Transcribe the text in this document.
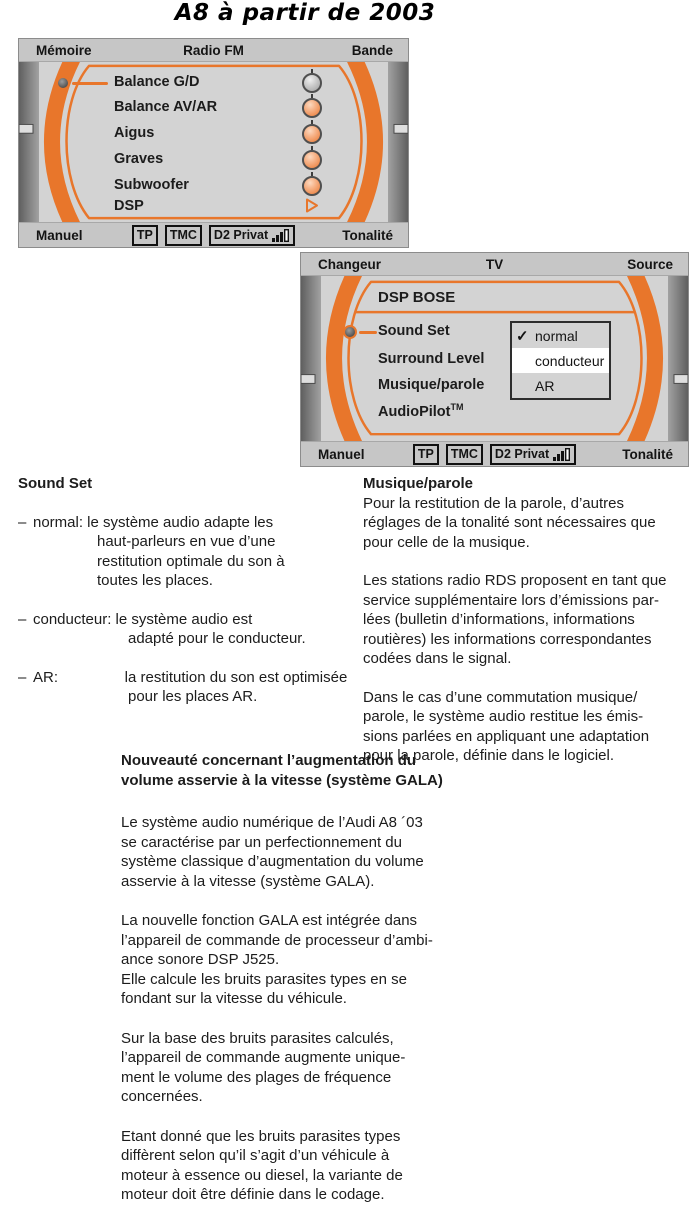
A8 à partir de 2003
Mémoire	Radio FM	Bande
Balance G/D
Balance AV/AR
Aigus
Graves
Subwoofer
DSP
Manuel	TP	TMC	D2 Privat	Tonalité
Changeur	TV	Source
DSP BOSE
Sound Set
Surround Level
Musique/parole
AudioPilot™
✓ normal
conducteur
AR
Manuel	TP	TMC	D2 Privat	Tonalité
Sound Set
– normal: le système audio adapte les
haut-parleurs en vue d’une
restitution optimale du son à
toutes les places.
– conducteur: le système audio est
adapté pour le conducteur.
– AR:                la restitution du son est optimisée
pour les places AR.
Musique/parole
Pour la restitution de la parole, d’autres
réglages de la tonalité sont nécessaires que
pour celle de la musique.
Les stations radio RDS proposent en tant que
service supplémentaire lors d’émissions par-
lées (bulletin d’informations, informations
routières) les informations correspondantes
codées dans le signal.
Dans le cas d’une commutation musique/
parole, le système audio restitue les émis-
sions parlées en appliquant une adaptation
pour la parole, définie dans le logiciel.
Nouveauté concernant l’augmentation du
volume asservie à la vitesse (système GALA)
Le système audio numérique de l’Audi A8 ´03
se caractérise par un perfectionnement du
système classique d’augmentation du volume
asservie à la vitesse (système GALA).
La nouvelle fonction GALA est intégrée dans
l’appareil de commande de processeur d’ambi-
ance sonore DSP J525.
Elle calcule les bruits parasites types en se
fondant sur la vitesse du véhicule.
Sur la base des bruits parasites calculés,
l’appareil de commande augmente unique-
ment le volume des plages de fréquence
concernées.
Etant donné que les bruits parasites types
diffèrent selon qu’il s’agit d’un véhicule à
moteur à essence ou diesel, la variante de
moteur doit être définie dans le codage.
